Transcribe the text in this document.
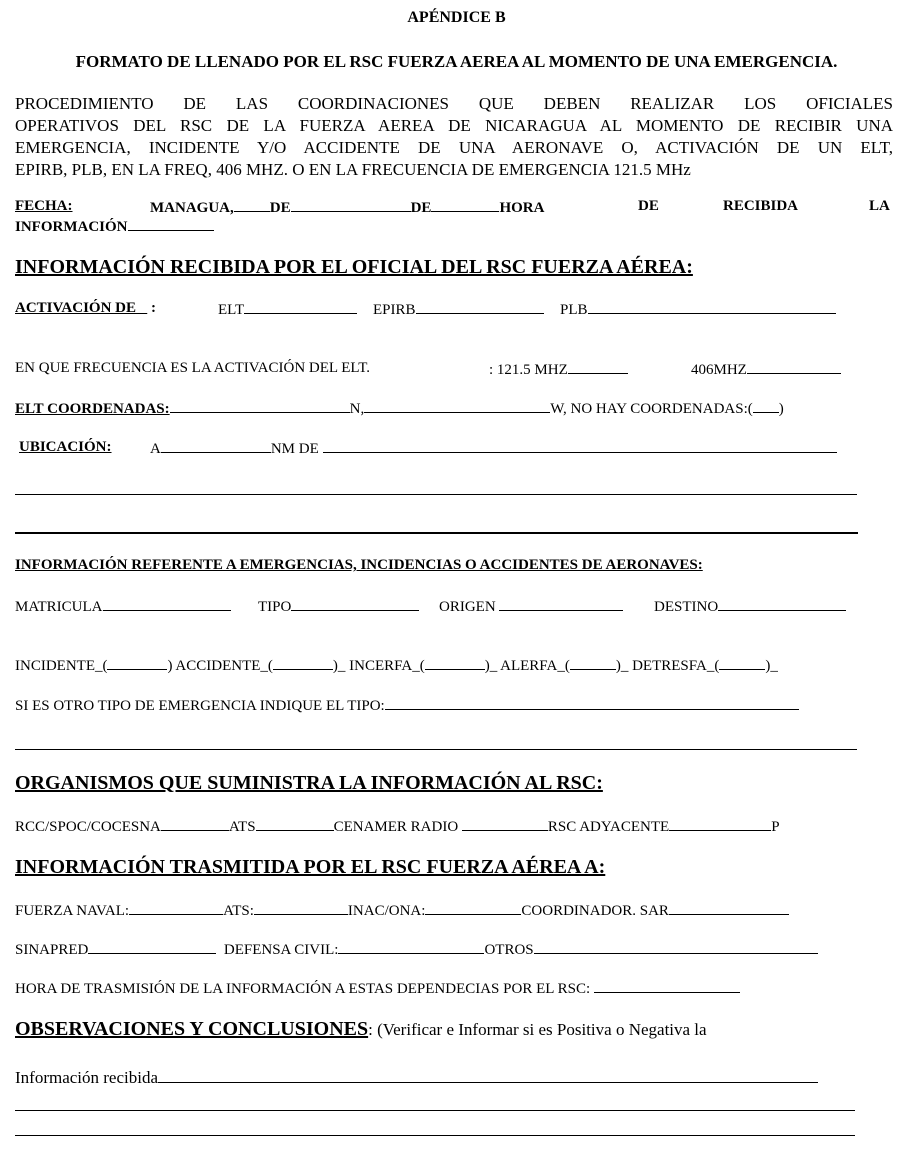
APÉNDICE B
FORMATO DE LLENADO POR EL RSC FUERZA AEREA AL MOMENTO DE UNA EMERGENCIA.
PROCEDIMIENTO DE LAS COORDINACIONES QUE DEBEN REALIZAR LOS OFICIALES
OPERATIVOS DEL RSC DE LA FUERZA AEREA DE NICARAGUA AL MOMENTO DE RECIBIR UNA
EMERGENCIA, INCIDENTE Y/O ACCIDENTE DE UNA AERONAVE O, ACTIVACIÓN DE UN ELT,
EPIRB, PLB, EN LA FREQ, 406 MHZ. O EN LA FRECUENCIA DE EMERGENCIA 121.5 MHz
FECHA:	MANAGUA, DE	DE	HORA	DE	RECIBIDA	LA
INFORMACIÓN
INFORMACIÓN RECIBIDA POR EL OFICIAL DEL RSC FUERZA AÉREA:
ACTIVACIÓN DE :	ELT	EPIRB	PLB
EN QUE FRECUENCIA ES LA ACTIVACIÓN DEL ELT.	: 121.5 MHZ	406MHZ
ELT COORDENADAS:	N,	W, NO HAY COORDENADAS:( )
UBICACIÓN:	A	NM DE
INFORMACIÓN REFERENTE A EMERGENCIAS, INCIDENCIAS O ACCIDENTES DE AERONAVES:
MATRICULA	TIPO	ORIGEN	DESTINO
INCIDENTE_(	) ACCIDENTE_(	)_ INCERFA_(	)_ ALERFA_(	)_ DETRESFA_(	)_
SI ES OTRO TIPO DE EMERGENCIA INDIQUE EL TIPO:
ORGANISMOS QUE SUMINISTRA LA INFORMACIÓN AL RSC:
RCC/SPOC/COCESNA	ATS	CENAMER RADIO	RSC ADYACENTE	P
INFORMACIÓN TRASMITIDA POR EL RSC FUERZA AÉREA A:
FUERZA NAVAL:	ATS:	INAC/ONA:	COORDINADOR. SAR
SINAPRED	DEFENSA CIVIL:	OTROS
HORA DE TRASMISIÓN DE LA INFORMACIÓN A ESTAS DEPENDECIAS POR EL RSC:
OBSERVACIONES Y CONCLUSIONES: (Verificar e Informar si es Positiva o Negativa la
Información recibida
